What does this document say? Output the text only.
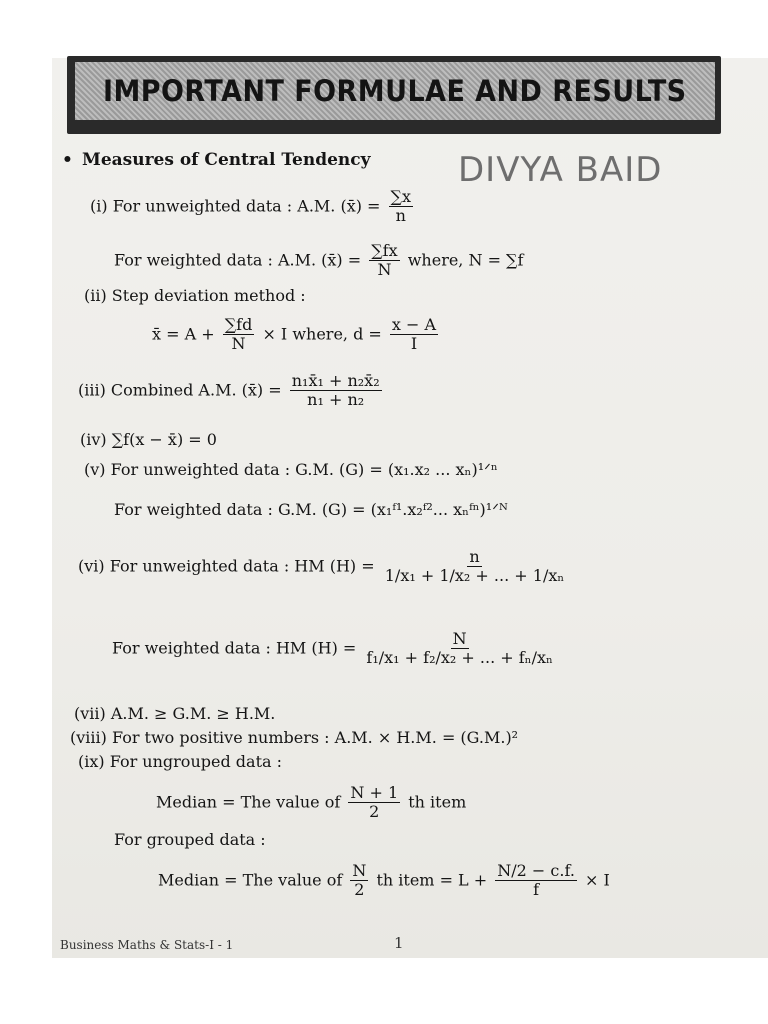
IMPORTANT FORMULAE AND RESULTS
• Measures of Central Tendency	DIVYA BAID
(i) For unweighted data : A.M. (x̄) = $\frac{\sum x}{n}$
For weighted data : A.M. (x̄) = $\frac{\sum fx}{N}$ where, N = ∑f
(ii) Step deviation method :
x̄ = $A + \frac{\sum fd}{N} \times I$ where, $d = \frac{x - A}{I}$
(iii) Combined A.M. (x̄) = $\frac{\text{n₁x̄₁ + n₂x̄₂}}{\text{n₁ + n₂}}$
(iv) ∑f(x − x̄) = 0
(v) For unweighted data : G.M. (G) = (x₁.x₂ ... xₙ)¹ᐟⁿ
For weighted data : G.M. (G) = (x₁ᶠ¹.x₂ᶠ²... xₙᶠⁿ)¹ᐟᴺ
(vi) For unweighted data : HM $(H) = \frac{n}{\text{1/x₁ + 1/x₂ + ... + 1/xₙ}}$
For weighted data : HM $(H) = \frac{N}{\text{f₁/x₁ + f₂/x₂ + ... + fₙ/xₙ}}$
(vii) A.M. ≥ G.M. ≥ H.M.
(viii) For two positive numbers : A.M. × H.M. = (G.M.)²
(ix) For ungrouped data :
Median = The value of $\frac{N + 1}{2}$ th item
For grouped data :
Median = The value of $\frac{N}{2}$ th item = $L + \frac{N/2 - c.f.}{f} \times I$
Business Maths & Stats-I - 1	1
